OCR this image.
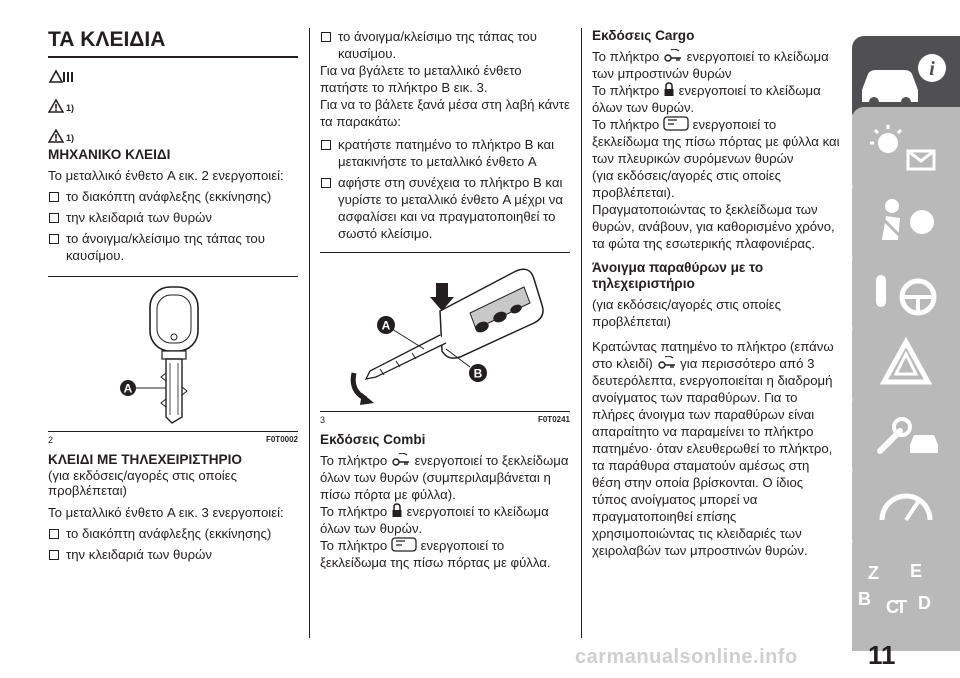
ΤΑ ΚΛΕΙΔΙΑ
1)
1)

ΜΗΧΑΝΙΚΟ ΚΛΕΙΔΙ

Το μεταλλικό ένθετο A εικ. 2 ενεργοποιεί:

το διακόπτη ανάφλεξης (εκκίνησης)

την κλειδαριά των θυρών

το άνοιγμα/κλείσιμο της τάπας του καυσίμου.

A
2	F0T0002

ΚΛΕΙΔΙ ΜΕ ΤΗΛΕΧΕΙΡΙΣΤΗΡΙΟ

(για εκδόσεις/αγορές στις οποίες προβλέπεται)

Το μεταλλικό ένθετο A εικ. 3 ενεργοποιεί:

το διακόπτη ανάφλεξης (εκκίνησης)

την κλειδαριά των θυρών

το άνοιγμα/κλείσιμο της τάπας του καυσίμου.

Για να βγάλετε το μεταλλικό ένθετο πατήστε το πλήκτρο B εικ. 3.

Για να το βάλετε ξανά μέσα στη λαβή κάντε τα παρακάτω:

κρατήστε πατημένο το πλήκτρο B και μετακινήστε το μεταλλικό ένθετο A

αφήστε στη συνέχεια το πλήκτρο B και γυρίστε το μεταλλικό ένθετο A μέχρι να ασφαλίσει και να πραγματοποιηθεί το σωστό κλείσιμο.

A
B
3	F0T0241

Εκδόσεις Combi

Το πλήκτρο ενεργοποιεί το ξεκλείδωμα όλων των θυρών (συμπεριλαμβάνεται η πίσω πόρτα με φύλλα).

Το πλήκτρο ενεργοποιεί το κλείδωμα όλων των θυρών.

Το πλήκτρο	ενεργοποιεί το ξεκλείδωμα της πίσω πόρτας με φύλλα.

Εκδόσεις Cargo

Το πλήκτρο ενεργοποιεί το κλείδωμα των μπροστινών θυρών

Το πλήκτρο ενεργοποιεί το κλείδωμα όλων των θυρών.

Το πλήκτρο	ενεργοποιεί το ξεκλείδωμα της πίσω πόρτας με φύλλα και των πλευρικών συρόμενων θυρών

(για εκδόσεις/αγορές στις οποίες προβλέπεται).

Πραγματοποιώντας το ξεκλείδωμα των θυρών, ανάβουν, για καθορισμένο χρόνο, τα φώτα της εσωτερικής πλαφονιέρας.

Άνοιγμα παραθύρων με το τηλεχειριστήριο

(για εκδόσεις/αγορές στις οποίες προβλέπεται)

Κρατώντας πατημένο το πλήκτρο (επάνω στο κλειδί) για περισσότερο από 3 δευτερόλεπτα, ενεργοποιείται η διαδρομή ανοίγματος των παραθύρων. Για το πλήρες άνοιγμα των παραθύρων είναι απαραίτητο να παραμείνει το πλήκτρο πατημένο· όταν ελευθερωθεί το πλήκτρο, τα παράθυρα σταματούν αμέσως στη θέση στην οποία βρίσκονται. Ο ίδιος τύπος ανοίγματος μπορεί να πραγματοποιηθεί επίσης χρησιμοποιώντας τις κλειδαριές των χειρολαβών των μπροστινών θυρών.

i
Z E
B C
T D
carmanualsonline.info	11
